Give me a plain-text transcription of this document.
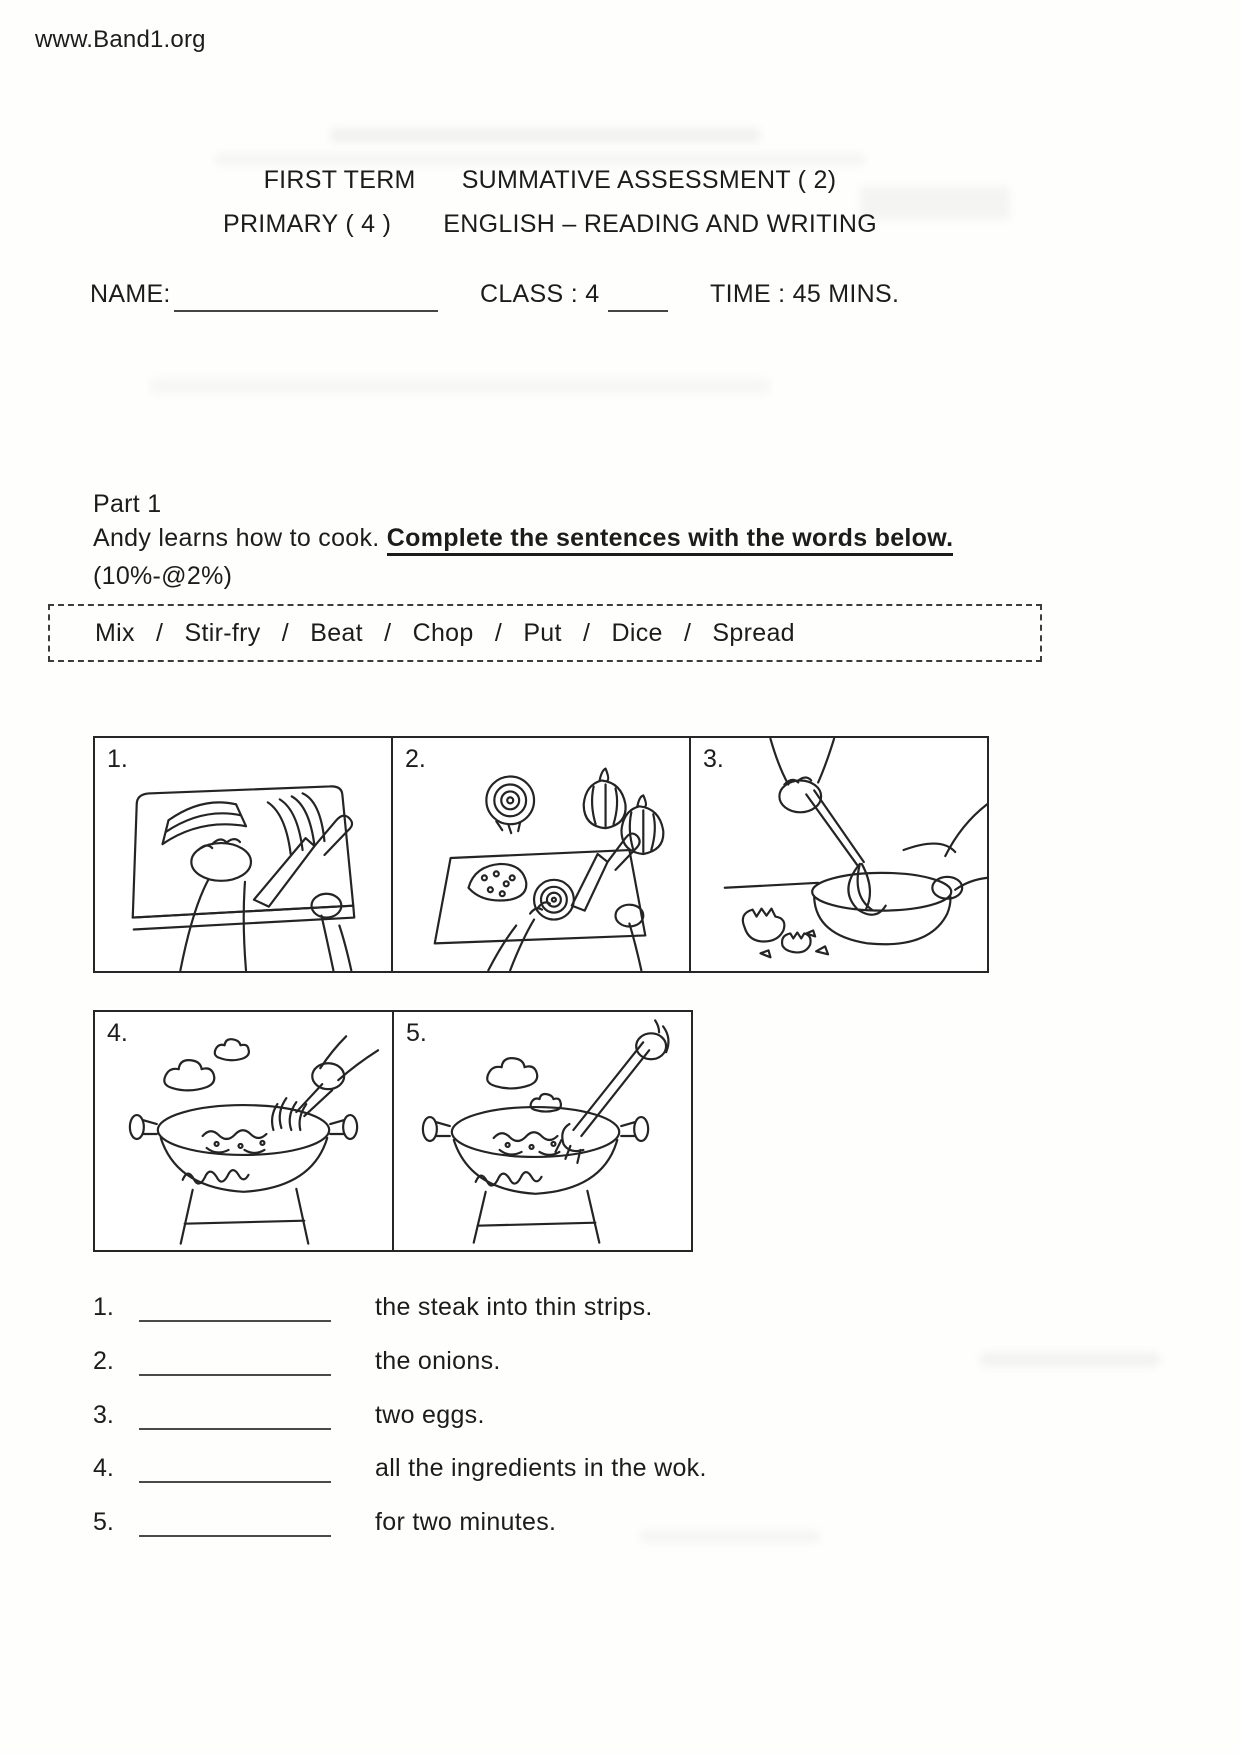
www.Band1.org
FIRST TERM SUMMATIVE ASSESSMENT ( 2)
PRIMARY ( 4 ) ENGLISH – READING AND WRITING
NAME:	CLASS : 4	TIME : 45 MINS.
Part 1
Andy learns how to cook. Complete the sentences with the words below.
(10%-@2%)
Mix / Stir-fry / Beat / Chop / Put / Dice / Spread
1.	2.	3.
4.	5.
1.	the steak into thin strips.
2.	the onions.
3.	two eggs.
4.	all the ingredients in the wok.
5.	for two minutes.
